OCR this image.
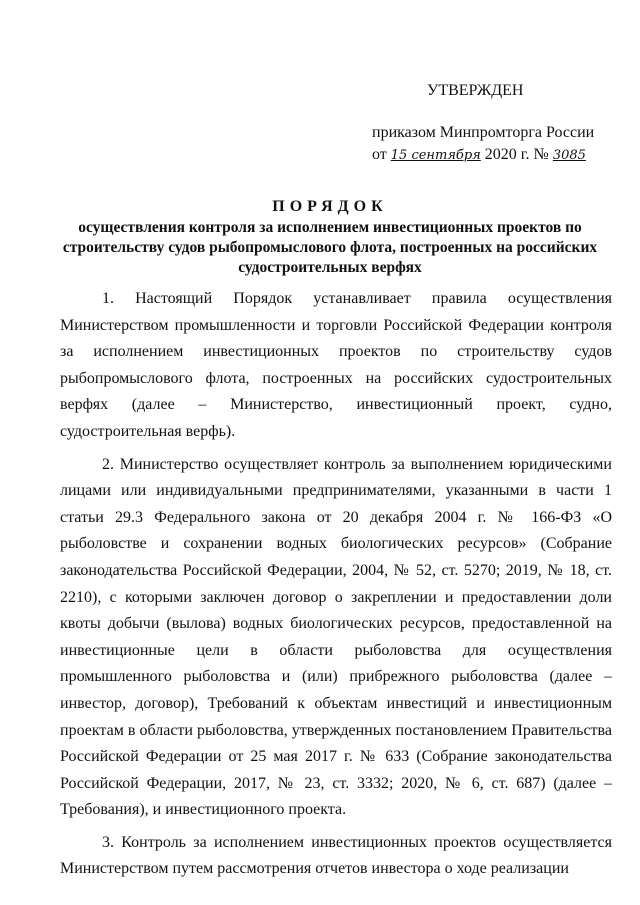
УТВЕРЖДЕН
приказом Минпромторга России
от 15 сентября 2020 г. № 3085
ПОРЯДОК
осуществления контроля за исполнением инвестиционных проектов по строительству судов рыбопромыслового флота, построенных на российских судостроительных верфях

1. Настоящий Порядок устанавливает правила осуществления Министерством промышленности и торговли Российской Федерации контроля за исполнением инвестиционных проектов по строительству судов рыбопромыслового флота, построенных на российских судостроительных верфях (далее – Министерство, инвестиционный проект, судно, судостроительная верфь).

2. Министерство осуществляет контроль за выполнением юридическими лицами или индивидуальными предпринимателями, указанными в части 1 статьи 29.3 Федерального закона от 20 декабря 2004 г. № 166-ФЗ «О рыболовстве и сохранении водных биологических ресурсов» (Собрание законодательства Российской Федерации, 2004, № 52, ст. 5270; 2019, № 18, ст. 2210), с которыми заключен договор о закреплении и предоставлении доли квоты добычи (вылова) водных биологических ресурсов, предоставленной на инвестиционные цели в области рыболовства для осуществления промышленного рыболовства и (или) прибрежного рыболовства (далее – инвестор, договор), Требований к объектам инвестиций и инвестиционным проектам в области рыболовства, утвержденных постановлением Правительства Российской Федерации от 25 мая 2017 г. № 633 (Собрание законодательства Российской Федерации, 2017, № 23, ст. 3332; 2020, № 6, ст. 687) (далее – Требования), и инвестиционного проекта.

3. Контроль за исполнением инвестиционных проектов осуществляется Министерством путем рассмотрения отчетов инвестора о ходе реализации
